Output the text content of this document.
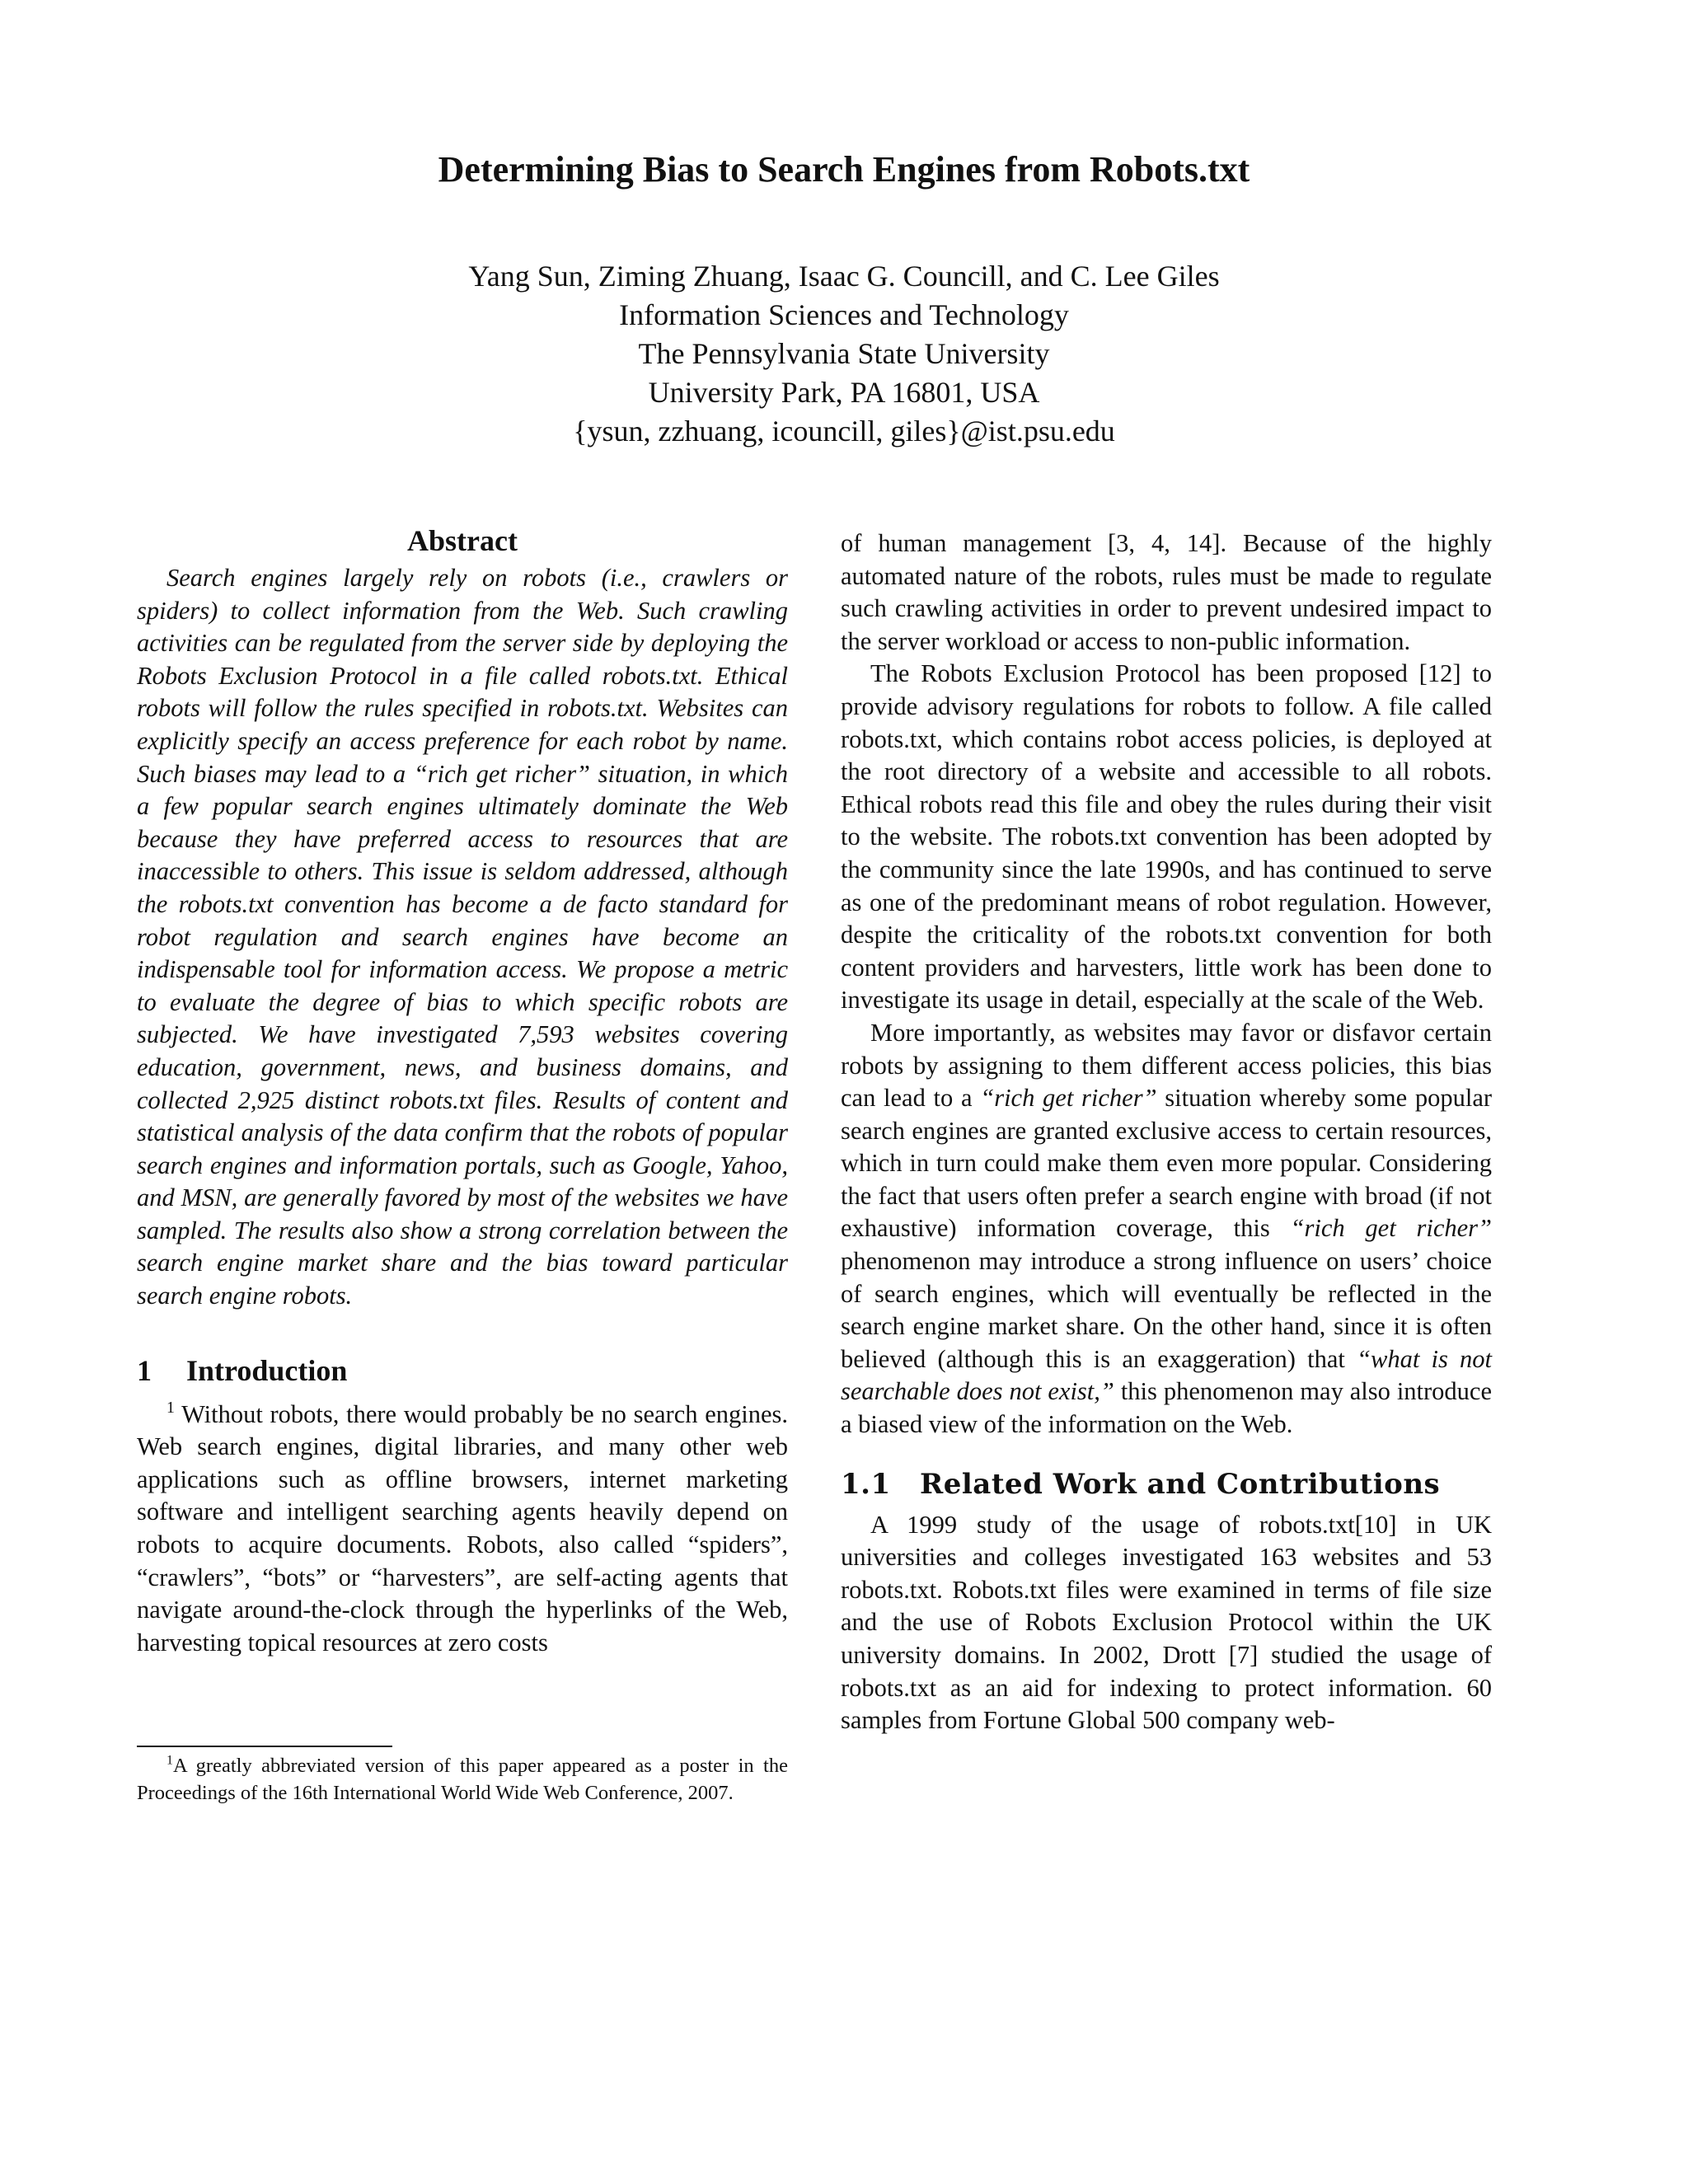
Determining Bias to Search Engines from Robots.txt
Yang Sun, Ziming Zhuang, Isaac G. Councill, and C. Lee Giles
Information Sciences and Technology
The Pennsylvania State University
University Park, PA 16801, USA
{ysun, zzhuang, icouncill, giles}@ist.psu.edu
Abstract

Search engines largely rely on robots (i.e., crawlers or spiders) to collect information from the Web. Such crawling activities can be regulated from the server side by deploying the Robots Exclusion Protocol in a file called robots.txt. Ethical robots will follow the rules specified in robots.txt. Websites can explicitly specify an access preference for each robot by name. Such biases may lead to a “rich get richer” situation, in which a few popular search engines ultimately dominate the Web because they have preferred access to resources that are inaccessible to others. This issue is seldom addressed, although the robots.txt convention has become a de facto standard for robot regulation and search engines have become an indispensable tool for information access. We propose a metric to evaluate the degree of bias to which specific robots are subjected. We have investigated 7,593 websites covering education, government, news, and business domains, and collected 2,925 distinct robots.txt files. Results of content and statistical analysis of the data confirm that the robots of popular search engines and information portals, such as Google, Yahoo, and MSN, are generally favored by most of the websites we have sampled. The results also show a strong correlation between the search engine market share and the bias toward particular search engine robots.

1 Introduction

$^1$ Without robots, there would probably be no search engines. Web search engines, digital libraries, and many other web applications such as offline browsers, internet marketing software and intelligent searching agents heavily depend on robots to acquire documents. Robots, also called “spiders”, “crawlers”, “bots” or “harvesters”, are self-acting agents that navigate around-the-clock through the hyperlinks of the Web, harvesting topical resources at zero costs

of human management [3, 4, 14]. Because of the highly automated nature of the robots, rules must be made to regulate such crawling activities in order to prevent undesired impact to the server workload or access to non-public information.

The Robots Exclusion Protocol has been proposed [12] to provide advisory regulations for robots to follow. A file called robots.txt, which contains robot access policies, is deployed at the root directory of a website and accessible to all robots. Ethical robots read this file and obey the rules during their visit to the website. The robots.txt convention has been adopted by the community since the late 1990s, and has continued to serve as one of the predominant means of robot regulation. However, despite the criticality of the robots.txt convention for both content providers and harvesters, little work has been done to investigate its usage in detail, especially at the scale of the Web.

More importantly, as websites may favor or disfavor certain robots by assigning to them different access policies, this bias can lead to a “rich get richer” situation whereby some popular search engines are granted exclusive access to certain resources, which in turn could make them even more popular. Considering the fact that users often prefer a search engine with broad (if not exhaustive) information coverage, this “rich get richer” phenomenon may introduce a strong influence on users’ choice of search engines, which will eventually be reflected in the search engine market share. On the other hand, since it is often believed (although this is an exaggeration) that “what is not searchable does not exist,” this phenomenon may also introduce a biased view of the information on the Web.

1.1 Related Work and Contributions

A 1999 study of the usage of robots.txt[10] in UK universities and colleges investigated 163 websites and 53 robots.txt. Robots.txt files were examined in terms of file size and the use of Robots Exclusion Protocol within the UK university domains. In 2002, Drott [7] studied the usage of robots.txt as an aid for indexing to protect information. 60 samples from Fortune Global 500 company web-

$^1$A greatly abbreviated version of this paper appeared as a poster in the Proceedings of the 16th International World Wide Web Conference, 2007.
